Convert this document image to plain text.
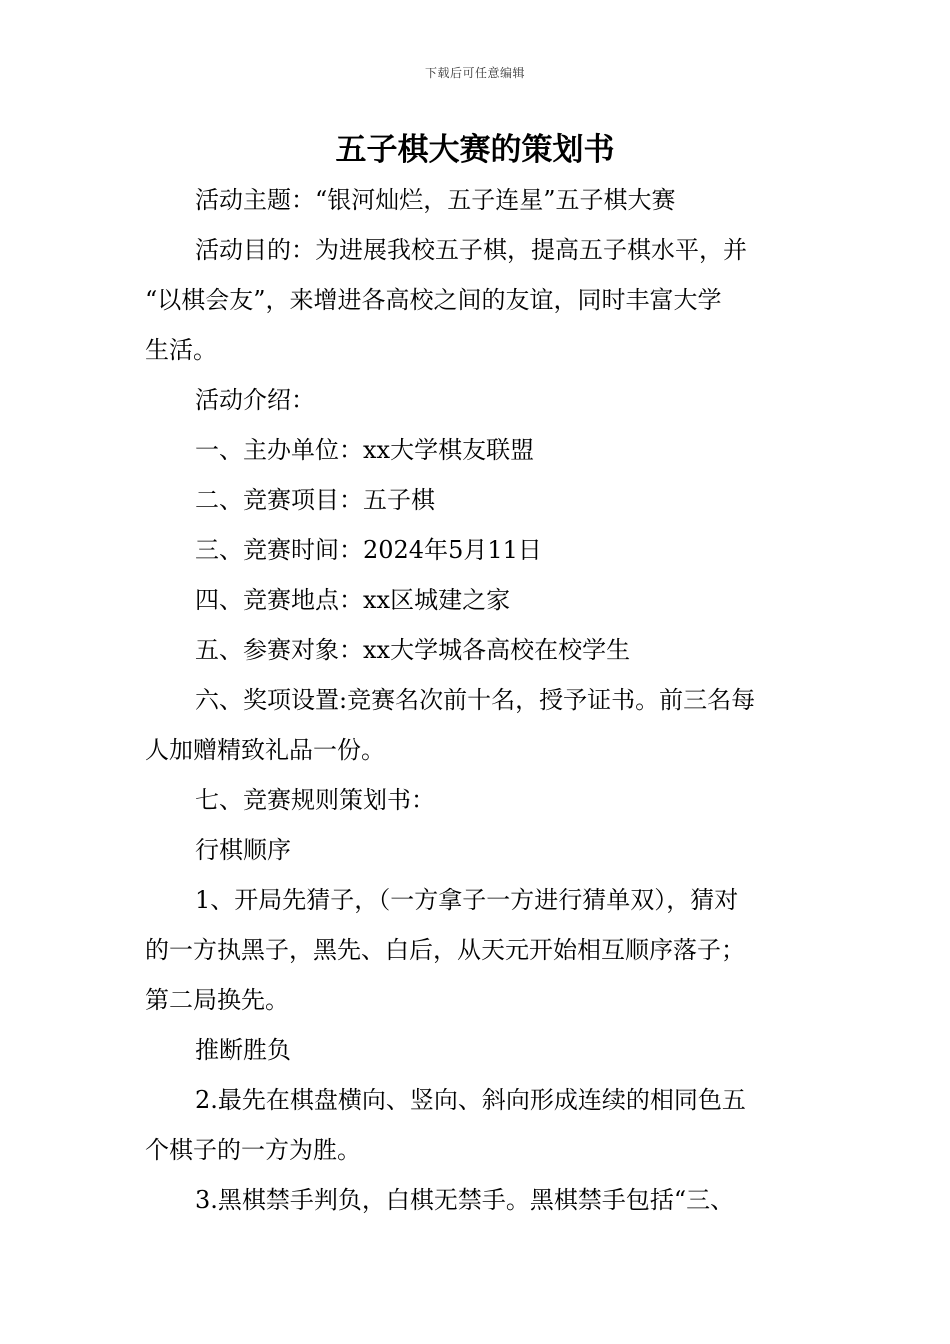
下载后可任意编辑
五子棋大赛的策划书

活动主题：“银河灿烂，五子连星”五子棋大赛

活动目的：为进展我校五子棋，提高五子棋水平，并
“以棋会友”，来增进各高校之间的友谊，同时丰富大学
生活。

活动介绍：

一、主办单位：xx大学棋友联盟

二、竞赛项目：五子棋

三、竞赛时间：2024年5月11日

四、竞赛地点：xx区城建之家

五、参赛对象：xx大学城各高校在校学生

六、奖项设置:竞赛名次前十名，授予证书。前三名每
人加赠精致礼品一份。

七、竞赛规则策划书：

行棋顺序

1、开局先猜子，（一方拿子一方进行猜单双），猜对
的一方执黑子，黑先、白后，从天元开始相互顺序落子；
第二局换先。

推断胜负

2.最先在棋盘横向、竖向、斜向形成连续的相同色五
个棋子的一方为胜。

3.黑棋禁手判负，白棋无禁手。黑棋禁手包括“三、
